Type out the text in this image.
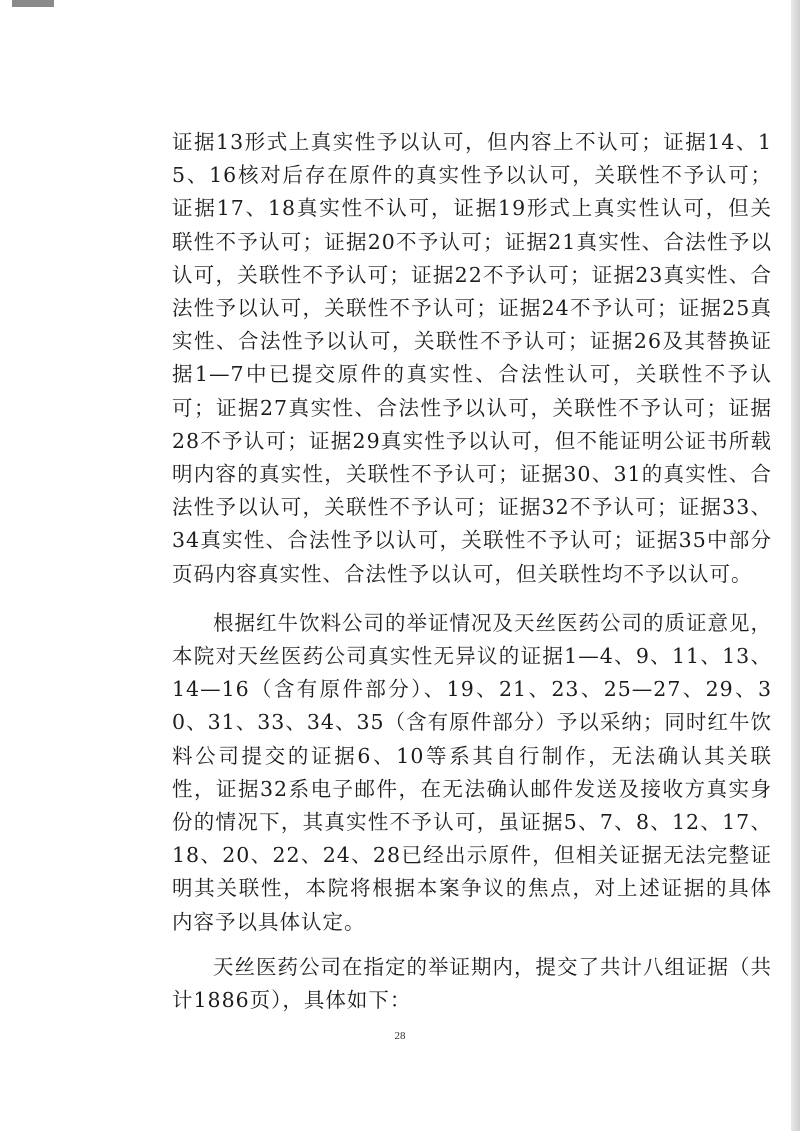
证据13形式上真实性予以认可，但内容上不认可；证据14、15、16核对后存在原件的真实性予以认可，关联性不予认可；证据17、18真实性不认可，证据19形式上真实性认可，但关联性不予认可；证据20不予认可；证据21真实性、合法性予以认可，关联性不予认可；证据22不予认可；证据23真实性、合法性予以认可，关联性不予认可；证据24不予认可；证据25真实性、合法性予以认可，关联性不予认可；证据26及其替换证据1—7中已提交原件的真实性、合法性认可，关联性不予认可；证据27真实性、合法性予以认可，关联性不予认可；证据28不予认可；证据29真实性予以认可，但不能证明公证书所载明内容的真实性，关联性不予认可；证据30、31的真实性、合法性予以认可，关联性不予认可；证据32不予认可；证据33、34真实性、合法性予以认可，关联性不予认可；证据35中部分页码内容真实性、合法性予以认可，但关联性均不予以认可。

根据红牛饮料公司的举证情况及天丝医药公司的质证意见，本院对天丝医药公司真实性无异议的证据1—4、9、11、13、14—16（含有原件部分）、19、21、23、25—27、29、30、31、33、34、35（含有原件部分）予以采纳；同时红牛饮料公司提交的证据6、10等系其自行制作，无法确认其关联性，证据32系电子邮件，在无法确认邮件发送及接收方真实身份的情况下，其真实性不予认可，虽证据5、7、8、12、17、18、20、22、24、28已经出示原件，但相关证据无法完整证明其关联性，本院将根据本案争议的焦点，对上述证据的具体内容予以具体认定。

天丝医药公司在指定的举证期内，提交了共计八组证据（共计1886页），具体如下：

28
